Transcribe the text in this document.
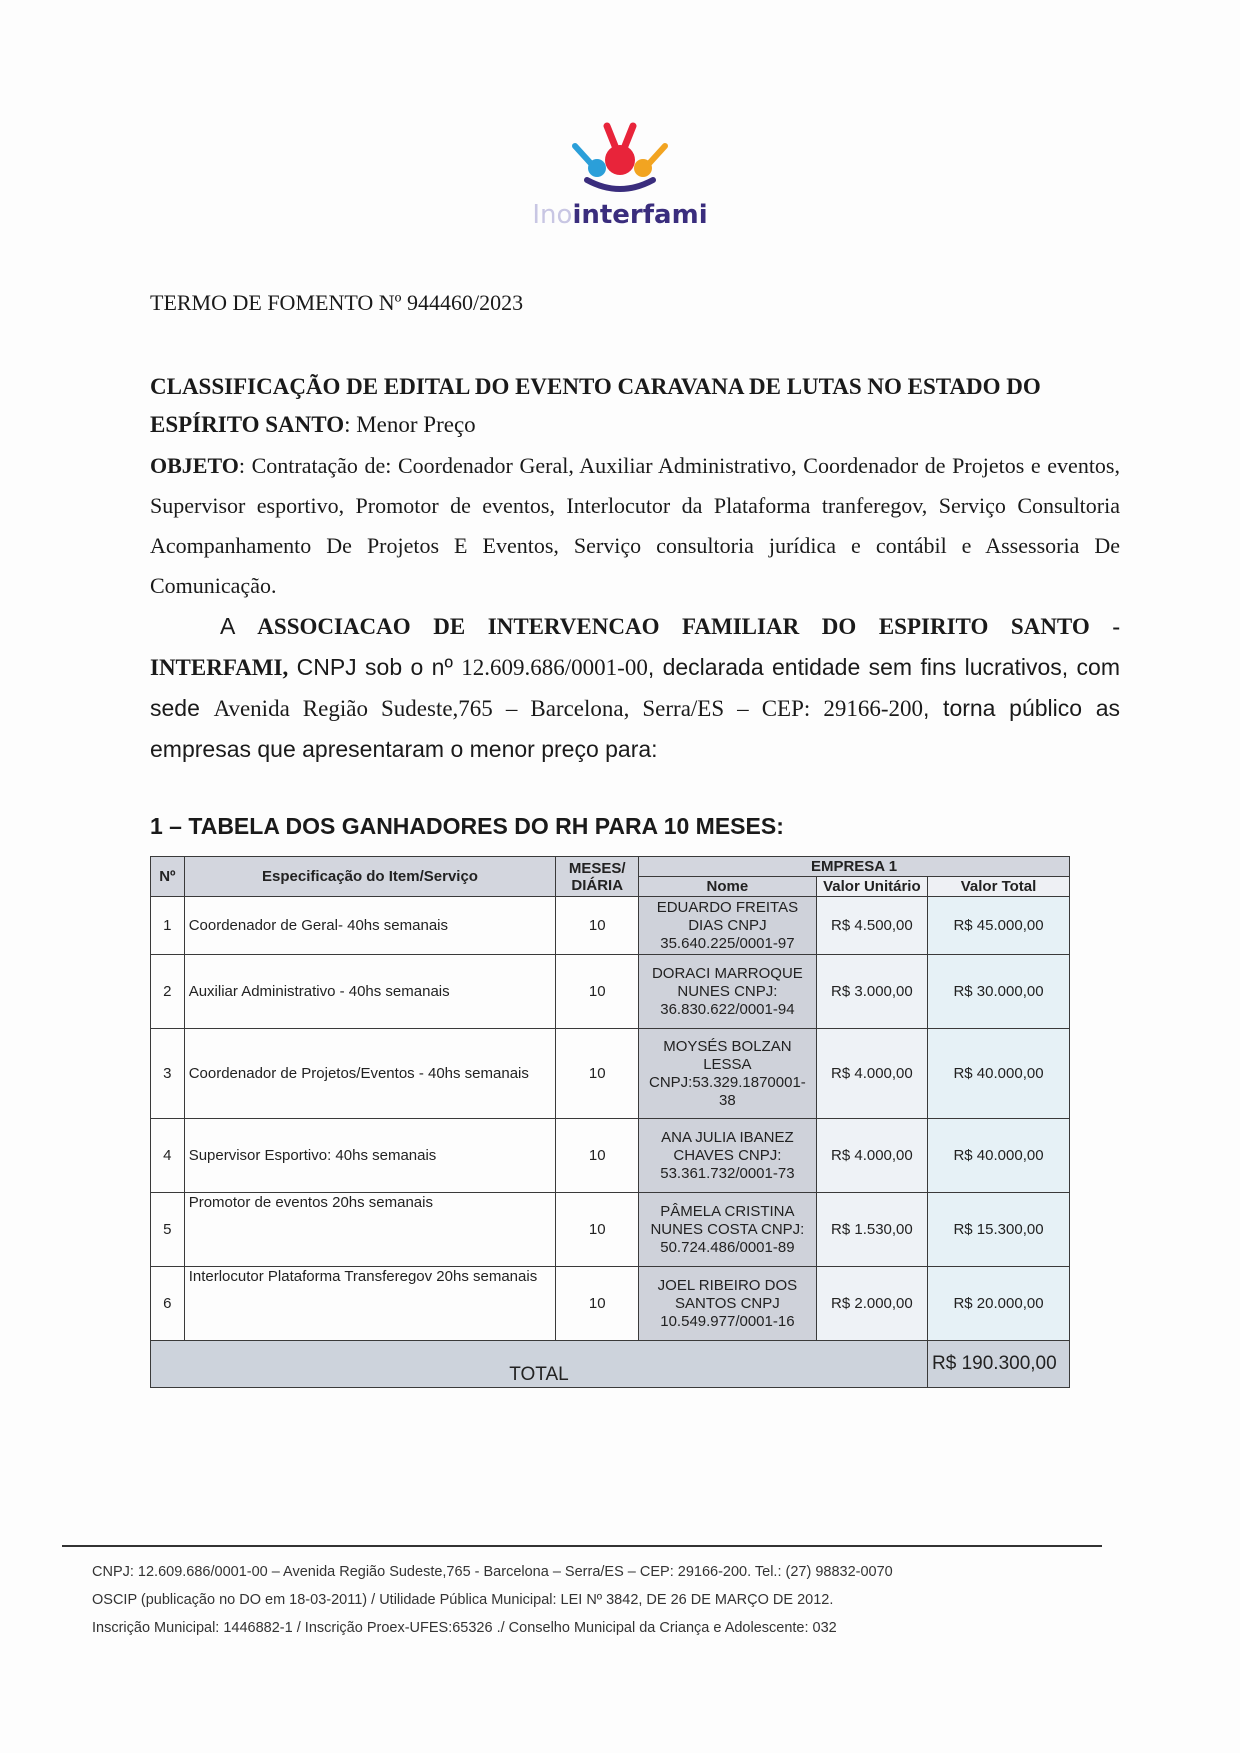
Inointerfami
TERMO DE FOMENTO Nº 944460/2023
CLASSIFICAÇÃO DE EDITAL DO EVENTO CARAVANA DE LUTAS NO ESTADO DO ESPÍRITO SANTO: Menor Preço
OBJETO: Contratação de: Coordenador Geral, Auxiliar Administrativo, Coordenador de Projetos e eventos, Supervisor esportivo, Promotor de eventos, Interlocutor da Plataforma tranferegov, Serviço Consultoria Acompanhamento De Projetos E Eventos, Serviço consultoria jurídica e contábil e Assessoria De Comunicação.
A ASSOCIACAO DE INTERVENCAO FAMILIAR DO ESPIRITO SANTO - INTERFAMI, CNPJ sob o nº 12.609.686/0001-00, declarada entidade sem fins lucrativos, com sede Avenida Região Sudeste,765 – Barcelona, Serra/ES – CEP: 29166-200, torna público as empresas que apresentaram o menor preço para:
1 – TABELA DOS GANHADORES DO RH PARA 10 MESES:
Nº	Especificação do Item/Serviço	MESES/ DIÁRIA	EMPRESA 1		
			Nome	Valor Unitário	Valor Total
1	Coordenador de Geral- 40hs semanais	10	EDUARDO FREITAS DIAS CNPJ 35.640.225/0001-97	R$ 4.500,00	R$ 45.000,00
2	Auxiliar Administrativo - 40hs semanais	10	DORACI MARROQUE NUNES CNPJ: 36.830.622/0001-94	R$ 3.000,00	R$ 30.000,00
3	Coordenador de Projetos/Eventos - 40hs semanais	10	MOYSÉS BOLZAN LESSA CNPJ:53.329.1870001-38	R$ 4.000,00	R$ 40.000,00
4	Supervisor Esportivo: 40hs semanais	10	ANA JULIA IBANEZ CHAVES CNPJ: 53.361.732/0001-73	R$ 4.000,00	R$ 40.000,00
5	Promotor de eventos 20hs semanais	10	PÂMELA CRISTINA NUNES COSTA CNPJ: 50.724.486/0001-89	R$ 1.530,00	R$ 15.300,00
6	Interlocutor Plataforma Transferegov 20hs semanais	10	JOEL RIBEIRO DOS SANTOS CNPJ 10.549.977/0001-16	R$ 2.000,00	R$ 20.000,00
TOTAL					R$ 190.300,00
CNPJ: 12.609.686/0001-00 – Avenida Região Sudeste,765 - Barcelona – Serra/ES – CEP: 29166-200. Tel.: (27) 98832-0070
OSCIP (publicação no DO em 18-03-2011) / Utilidade Pública Municipal: LEI Nº 3842, DE 26 DE MARÇO DE 2012.
Inscrição Municipal: 1446882-1 / Inscrição Proex-UFES:65326 ./ Conselho Municipal da Criança e Adolescente: 032
